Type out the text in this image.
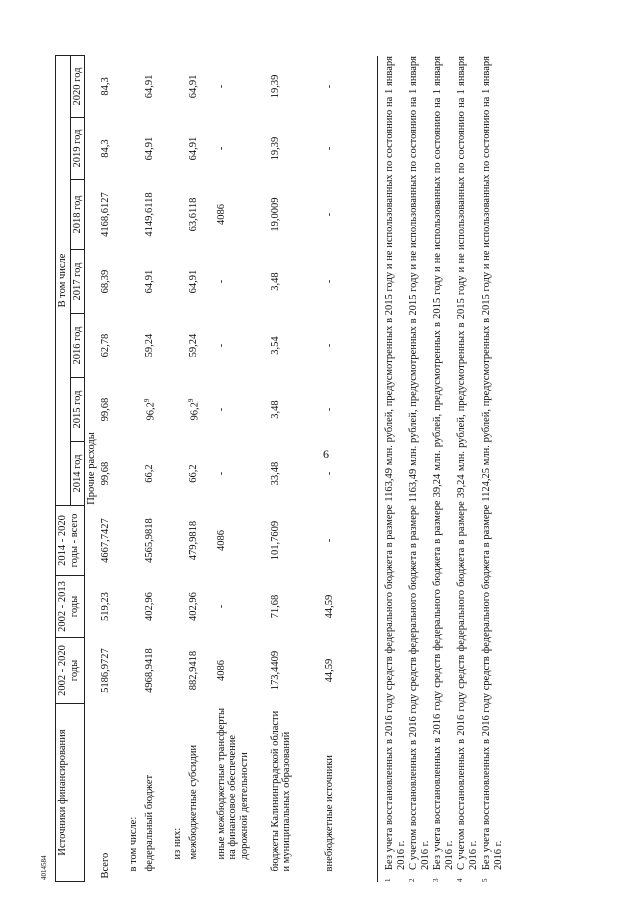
6
Источники финансирования	2002 - 2020 годы	2002 - 2013 годы	2014 - 2020 годы - всего	В том числе						
				2014 год	2015 год	2016 год	2017 год	2018 год	2019 год	2020 год
Прочие расходы										
Всего	5186,9727	519,23	4667,7427	99,68	99,68	62,78	68,39	4168,6127	84,3	84,3
в том числе:										
федеральный бюджет	4968,9418	402,96	4565,9818	66,2	96,2$^9$	59,24	64,91	4149,6118	64,91	64,91
из них:										
межбюджетные субсидии	882,9418	402,96	479,9818	66,2	96,2$^9$	59,24	64,91	63,6118	64,91	64,91
иные межбюджетные трансферты на финансовое обеспечение дорожной деятельности	4086	-	4086	-	-	-	-	4086	-	-
бюджеты Калининградской области и муниципальных образований	173,4409	71,68	101,7609	33,48	3,48	3,54	3,48	19,0009	19,39	19,39
внебюджетные источники	44,59	44,59	-	-	-	-	-	-	-	-
1
Без учета восстановленных в 2016 году средств федерального бюджета в размере 1163,49 млн. рублей, предусмотренных в 2015 году и не использованных по состоянию на 1 января 2016 г.
2
С учетом восстановленных в 2016 году средств федерального бюджета в размере 1163,49 млн. рублей, предусмотренных в 2015 году и не использованных по состоянию на 1 января 2016 г.
3
Без учета восстановленных в 2016 году средств федерального бюджета в размере 39,24 млн. рублей, предусмотренных в 2015 году и не использованных по состоянию на 1 января 2016 г.
4
С учетом восстановленных в 2016 году средств федерального бюджета в размере 39,24 млн. рублей, предусмотренных в 2015 году и не использованных по состоянию на 1 января 2016 г.
5
Без учета восстановленных в 2016 году средств федерального бюджета в размере 1124,25 млн. рублей, предусмотренных в 2015 году и не использованных по состоянию на 1 января 2016 г.
4014584
